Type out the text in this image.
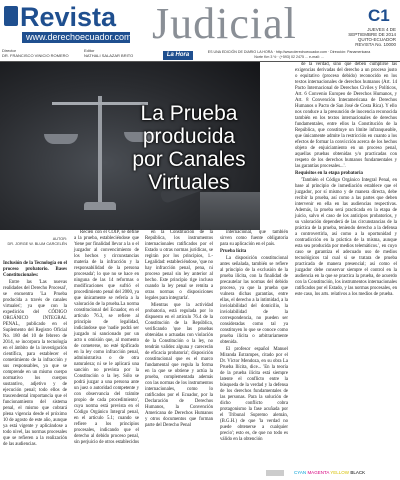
Revista Judicial
www.derechoecuador.com
C1
JUEVES 4 DE SEPTIEMBRE DE 2014 QUITO-ECUADOR REVISTA No. 10000
Director
DR. FRANCISCO VINICIO ROMERO
Editor
NATHALI SALAZAR BRITO	La Hora	ES UNA EDICIÓN DE DIARIO LA HORA · http://www.derechoecuador.com · Dirección: Panamericana Norte Km 3 ½ · (+593) 02 2475 ... e-mail: ...
La Prueba
producida
por Canales
Virtuales
AUTOR:
DR. JORGE W. BLUM CARCELÉN

Inclusión de la Tecnología en el proceso probatorio. Bases Constitucionales:

Entre las 'Las nuevas realidades del Derecho Procesal', se encuentra 'La Prueba producida a través de canales virtuales'; ya que con la expedición del CÓDIGO ORGÁNICO INTEGRAL PENAL, publicado en el Suplemento del Registro Oficial No. 180 del 10 de febrero de 2014, se incorpora la tecnología en el ámbito de la investigación científica, para establecer el cometimiento de la infracción y sus responsables, ya que se comprende en un mismo cuerpo normativo los cuerpos sustantivo, adjetivo y de ejecución penal; todo ellos de trascendental importancia que el funcionamiento del sistema penal, el mismo que cobrará plena vigencia desde el próximo 10 de agosto de este año, aunque ya está vigente y aplicándose a todo nivel, las normas procesales que se refieren a la realización de las audiencias.

Recién con el COIP, se define a la prueba, estableciéndose que 'tiene por finalidad llevar a la o el juzgador al convencimiento de los hechos y circunstancias materia de la infracción y la responsabilidad de la persona procesada'; lo que no se hace en ninguna de las 14 reformas o modificaciones que sufrió el procedimiento penal del 2000, ya que únicamente se refería a la valoración de la prueba.La norma constitucional del Ecuador, en el artículo 76.3, se refiere al principio de legalidad, indicándose que 'nadie podrá ser juzgado ni sancionado por un acto u omisión que, al momento de cometerse, no esté tipificado en la ley como infracción penal, administrativa o de otra naturaleza; ni se le aplicará una sanción no prevista por la Constitución o la ley. Sólo se podrá juzgar a una persona ante un juez o autoridad competente y con observancia del trámite propio de cada procedimiento', cuya norma está prevista en el Código Orgánico Integral penal, en el artículo 5.1; cuando se refiere a los principios procesales, indicando que el derecho al debido proceso penal, sin perjuicio de otros establecidos

en la Constitución de la República, los instrumentos internacionales ratificados por el Estado u otras normas jurídicas, se regirán por los principios, 1.- Legalidad: estableciéndose, 'que no hay infracción penal, pena, ni proceso penal sin ley anterior al hecho. Este principio rige incluso cuando la ley penal se remita a otras normas o disposiciones legales para integrarla'.

Mientras que la actividad probatoria, está regulada por lo dispuesto en el artículo 76.4 de la Constitución de la República, verificando 'que las pruebas obtenidas o actuadas con violación de la Constitución o la ley, no tendrán validez alguna y carecerán de eficacia probatoria'; disposición constitucional que es el marco fundamental que regula la forma en la que se obtiene y actúa la prueba, complementada además con las normas de los instrumentos internacionales, como lo ratificados por el Ecuador, por la Declaración de Derechos Humanos, la Convención Americana de Derechos Humanos y otros documentos que forman parte del Derecho Penal

internacional, que también sirven como fuente obligatoria para su aplicación en el país.

Prueba lícita

La disposición constitucional antes señalada, también se refiere al principio de la exclusión de la prueba ilícita, con la finalidad de precautelar las normas del debido proceso, ya que la prueba que vulnera dichas garantías, entre ellas, el derecho a la intimidad, a la inviolabilidad del domicilio, la inviolabilidad de la correspondencia, no pueden ser consideradas como tal ya constituyen lo que se conoce como prueba ilícita o arbitrariamente obtenida.

El profesor español Manuel Miranda Estrampes, citado por el Dr. Víctor Mendoza, en su obra La Prueba Ilícita, dice... 'En la teoría de la prueba ilícita está siempre latente el conflicto entre la búsqueda de la verdad y la defensa de los derechos fundamentales de las personas. Para la solución de dicho conflicto cobra protagonismo la fase acuñada por el Tribunal Supremo alemán, (B.G.H.) de que 'la verdad no puede obtenerse a cualquier precio'; esto es, de que no todo es válido en la obtención

de la verdad, sino que deben cumplirse las exigencias derivadas del derecho a un proceso justo o equitativo (proceso debido) reconocido en los textos internacionales de derechos humanos (Art. 14 Pacto Internacional de Derechos Civiles y Políticos, Art. 6 Convenio Europeo de Derechos Humanos, y Art. 8 Convención Interamericana de Derechos Humanos o Pacto de San José de Costa Rica). Y ello nos conduce a la presunción de inocencia reconocida también en los textos internacionales de derechos fundamentales, entre ellos la Constitución de la República, que constituye un límite infranqueable, que únicamente admite la restricción en cuanto a los efectos de formar la convicción acerca de los hechos objeto de enjuiciamiento en un proceso penal, aquellas pruebas obtenidas y/o practicadas con respeto de los derechos humanos fundamentales y las garantías procesales...'.

Requisitos en la etapa probatoria

'También el Código Orgánico Integral Penal, en base al principio de inmediación establece que el juzgador, por sí mismo y de manera directa, debe recibir la prueba, así como a las partes que deben intervenir en ella en las audiencias respectivas. Además, la prueba será practicada en la etapa de juicio, salvo el caso de los anticipos probatorios, y su valoración dependerá de las circunstancias de la práctica de la prueba, teniendo derecho a la defensa a controvertirla, así como a la oportunidad y contradicción en la práctica de la misma, aunque esta sea producida por medios telemáticos.', en cuyo caso se garantiza el adecuado uso de medios tecnológicos tal cual si se tratara de prueba practicada de manera presencial; así como el juzgador debe conservar siempre el control en la audiencia en la que se practica la prueba, de acuerdo con la Constitución, los instrumentos internacionales ratificados por el Estado, y las normas procesales, en este caso, los arts. relativos a los medios de prueba.

CYAN MAGENTA YELLOW BLACK
